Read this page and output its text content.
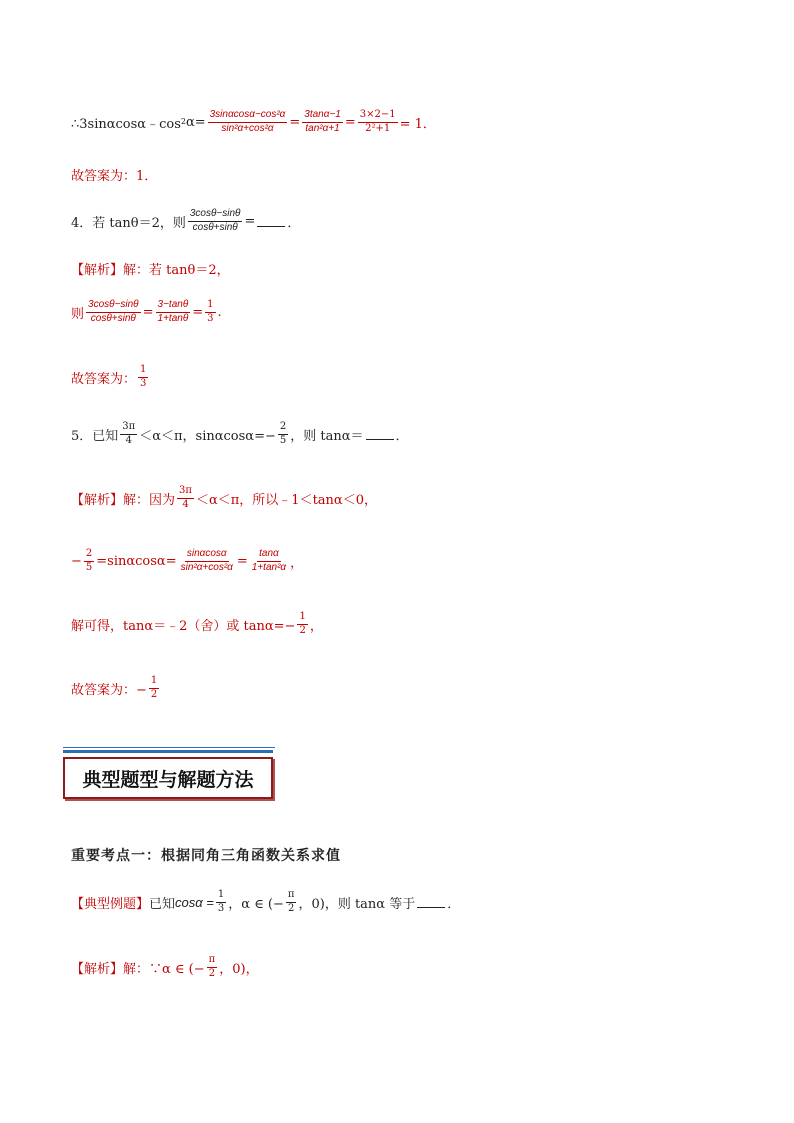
∴3sinαcosα﹣cos 2 $\alpha= \frac{\text{3sinαcosα−cos²α}}{\text{sin²α+cos²α}} = \frac{3\tan\alpha-1}{\text{tan²α+1}} = \frac{3\times 2-1}{\text{2²+1}} = 1$．
故答案为：1．
4．若 tanθ＝2，则 $\frac{3\cos\theta-\sin\theta}{\cos\theta+\sin\theta}$ = ．
【解析】 解：若 tanθ＝2，
则 $\frac{3\cos\theta-\sin\theta}{\cos\theta+\sin\theta} = \frac{3-\tan\theta}{1+\tan\theta} = \frac{1}{3}$ .
故答案为： $\frac{1}{3}$
5．已知 $\frac{3\pi}{4} <\alpha<\pi$，$\sin\alpha\cos\alpha=- \frac{2}{5}$ ，则 tanα＝ ．
【解析】 解：因为 $\frac{3\pi}{4} <\alpha<\pi$，所以﹣1＜tanα＜0，
− $\frac{2}{5} =\sin\alpha\cos\alpha= \frac{\sin\alpha\cos\alpha}{\text{sin²α+cos²α}} = \frac{\tan\alpha}{\text{1+tan²α}}$ ，
解可得，tanα＝﹣2（舍）或 $\tan\alpha=- \frac{1}{2}$ ，
故答案为：− $\frac{1}{2}$
典型题型与解题方法
重要考点一：根据同角三角函数关系求值
【典型例题】 已知 $\cos\alpha = \frac{1}{3}$ ，α ∈ (− $\frac{\pi}{2}$ ，0)，则 tanα 等于 ．
【解析】 解：∵α ∈ (− $\frac{\pi}{2}$ ，0)，
